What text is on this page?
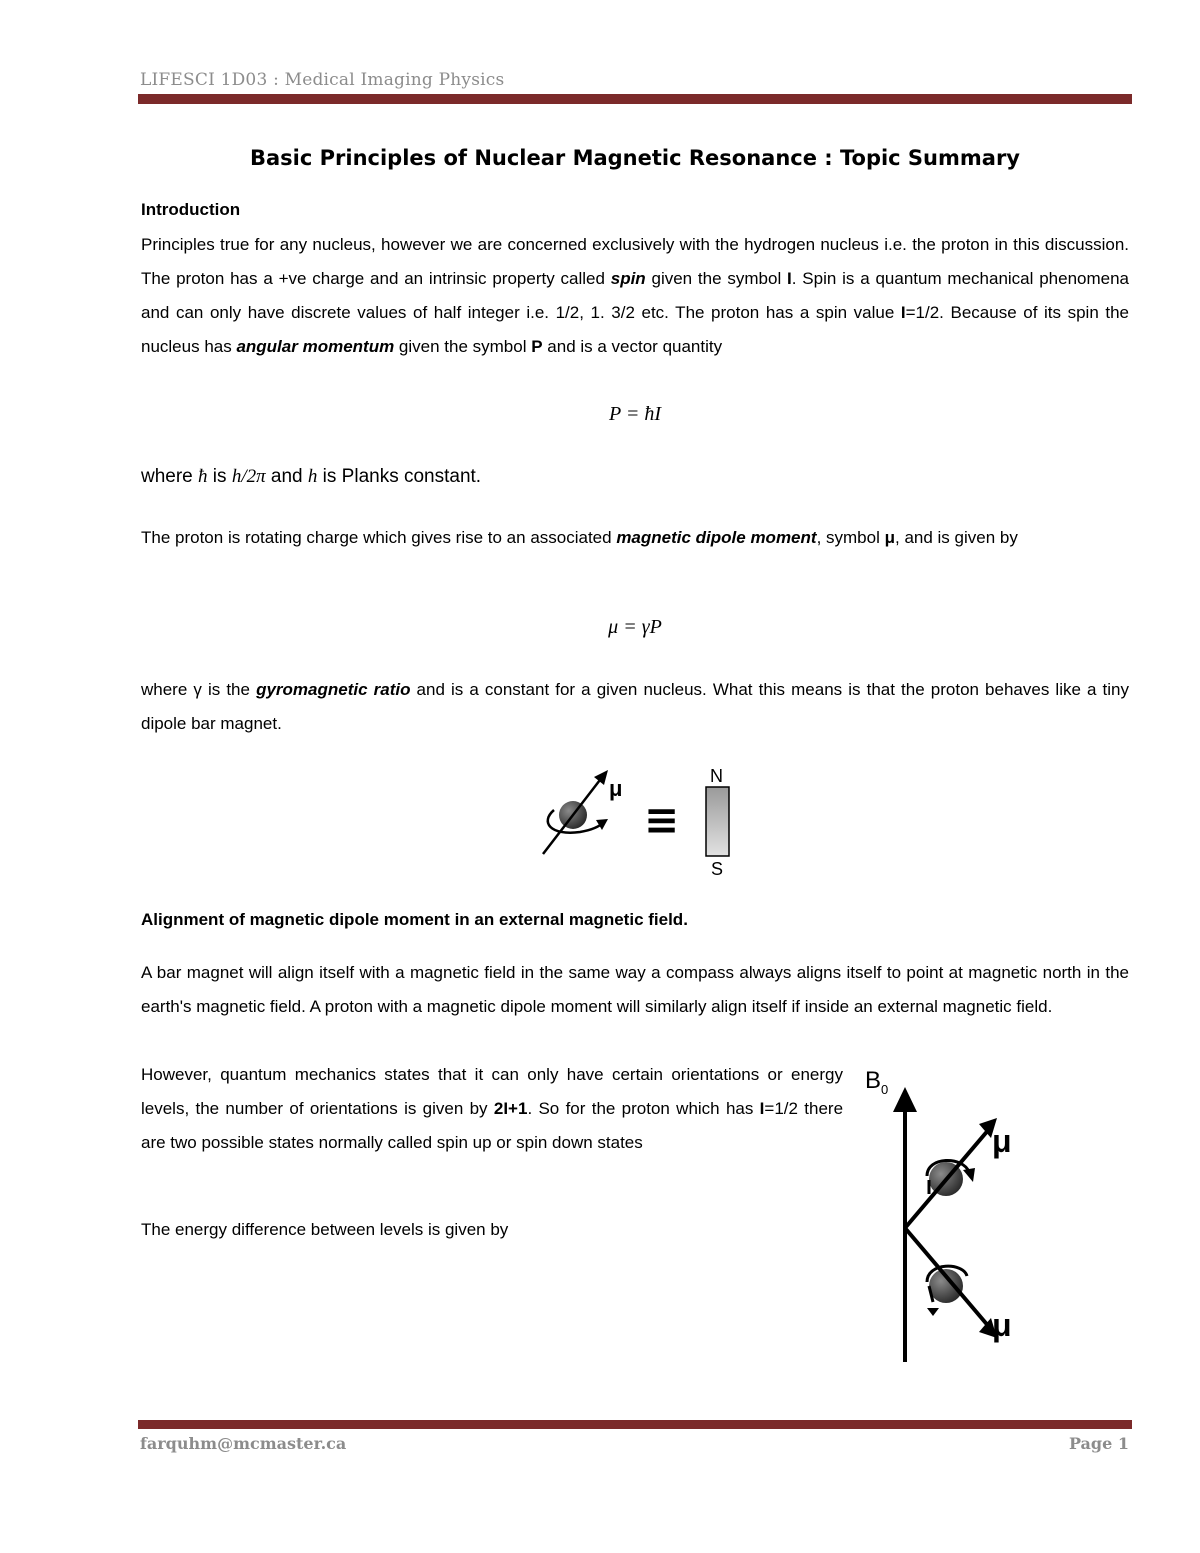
LIFESCI 1D03 : Medical Imaging Physics
Basic Principles of Nuclear Magnetic Resonance : Topic Summary
Introduction
Principles true for any nucleus, however we are concerned exclusively with the hydrogen nucleus i.e. the proton in this discussion. The proton has a +ve charge and an intrinsic property called spin given the symbol I. Spin is a quantum mechanical phenomena and can only have discrete values of half integer i.e. 1/2, 1. 3/2 etc. The proton has a spin value I=1/2. Because of its spin the nucleus has angular momentum given the symbol P and is a vector quantity
P = ħI
where ħ is h/2π and h is Planks constant.
The proton is rotating charge which gives rise to an associated magnetic dipole moment, symbol μ, and is given by
μ = γP
where γ is the gyromagnetic ratio and is a constant for a given nucleus. What this means is that the proton behaves like a tiny dipole bar magnet.
μ
≡
N
S
Alignment of magnetic dipole moment in an external magnetic field.
A bar magnet will align itself with a magnetic field in the same way a compass always aligns itself to point at magnetic north in the earth's magnetic field. A proton with a magnetic dipole moment will similarly align itself if inside an external magnetic field.
However, quantum mechanics states that it can only have certain orientations or energy levels, the number of orientations is given by 2I+1. So for the proton which has I=1/2 there are two possible states normally called spin up or spin down states
The energy difference between levels is given by
$B_0$
μ
μ
farquhm@mcmaster.ca	Page 1
